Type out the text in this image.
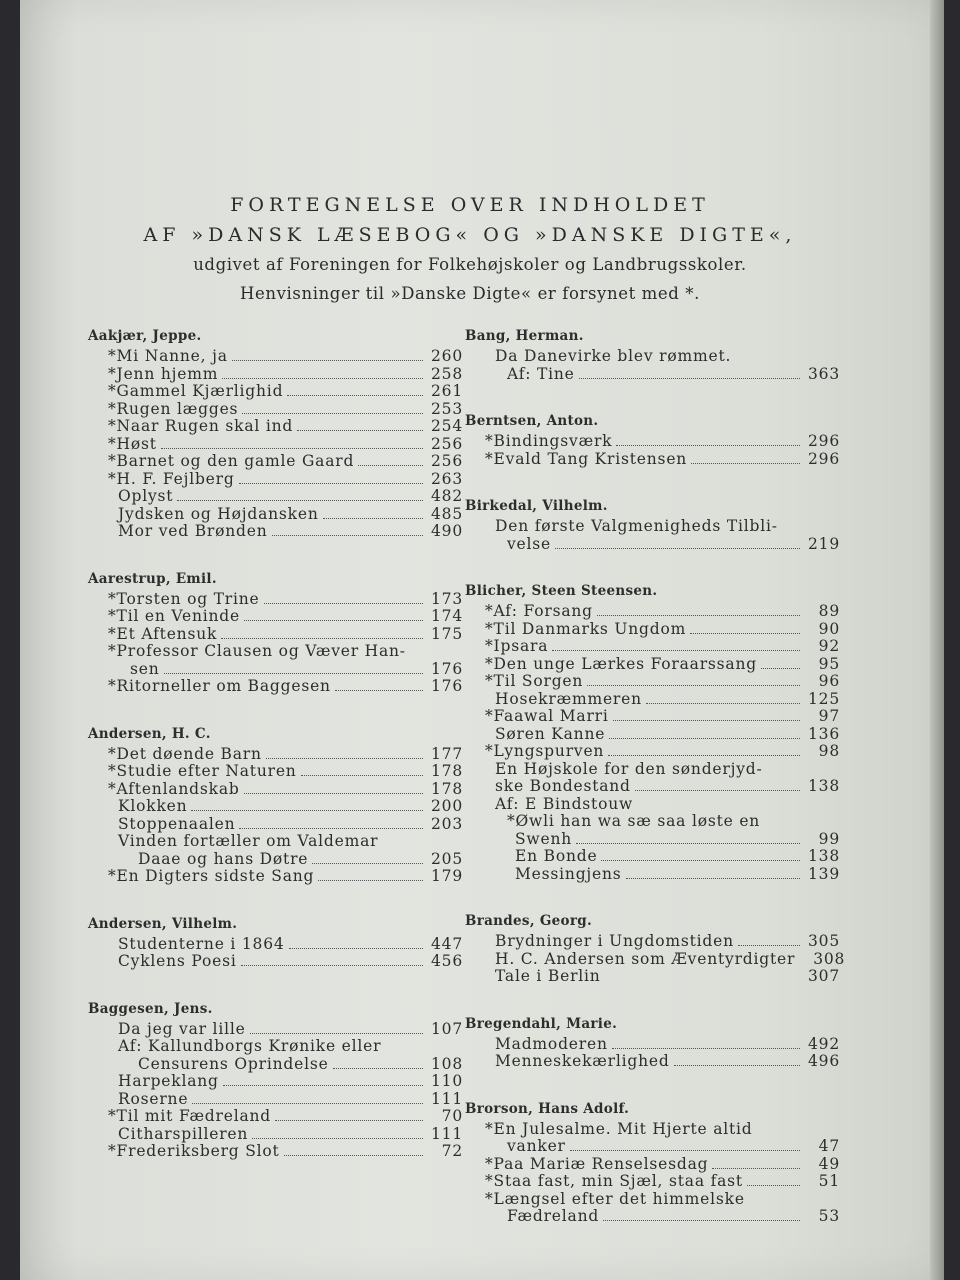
FORTEGNELSE OVER INDHOLDET
AF »DANSK LÆSEBOG« OG »DANSKE DIGTE«,
udgivet af Foreningen for Folkehøjskoler og Landbrugsskoler.
Henvisninger til »Danske Digte« er forsynet med *.
Aakjær, Jeppe.
*Mi Nanne, ja	260
*Jenn hjemm	258
*Gammel Kjærlighid	261
*Rugen lægges	253
*Naar Rugen skal ind	254
*Høst	256
*Barnet og den gamle Gaard	256
*H. F. Fejlberg	263
Oplyst	482
Jydsken og Højdansken	485
Mor ved Brønden	490
Aarestrup, Emil.
*Torsten og Trine	173
*Til en Veninde	174
*Et Aftensuk	175
*Professor Clausen og Væver Han-
sen	176
*Ritorneller om Baggesen	176
Andersen, H. C.
*Det døende Barn	177
*Studie efter Naturen	178
*Aftenlandskab	178
Klokken	200
Stoppenaalen	203
Vinden fortæller om Valdemar
Daae og hans Døtre	205
*En Digters sidste Sang	179
Andersen, Vilhelm.
Studenterne i 1864	447
Cyklens Poesi	456
Baggesen, Jens.
Da jeg var lille	107
Af: Kallundborgs Krønike eller
Censurens Oprindelse	108
Harpeklang	110
Roserne	111
*Til mit Fædreland	70
Citharspilleren	111
*Frederiksberg Slot	72
Bang, Herman.
Da Danevirke blev rømmet.
Af: Tine	363
Berntsen, Anton.
*Bindingsværk	296
*Evald Tang Kristensen	296
Birkedal, Vilhelm.
Den første Valgmenigheds Tilbli-
velse	219
Blicher, Steen Steensen.
*Af: Forsang	89
*Til Danmarks Ungdom	90
*Ipsara	92
*Den unge Lærkes Foraarssang	95
*Til Sorgen	96
Hosekræmmeren	125
*Faawal Marri	97
Søren Kanne	136
*Lyngspurven	98
En Højskole for den sønderjyd-
ske Bondestand	138
Af: E Bindstouw
*Øwli han wa sæ saa løste en
Swenh	99
En Bonde	138
Messingjens	139
Brandes, Georg.
Brydninger i Ungdomstiden	305
H. C. Andersen som Æventyrdigter 308
Tale i Berlin	307
Bregendahl, Marie.
Madmoderen	492
Menneskekærlighed	496
Brorson, Hans Adolf.
*En Julesalme. Mit Hjerte altid
vanker	47
*Paa Mariæ Renselsesdag	49
*Staa fast, min Sjæl, staa fast	51
*Længsel efter det himmelske
Fædreland	53
